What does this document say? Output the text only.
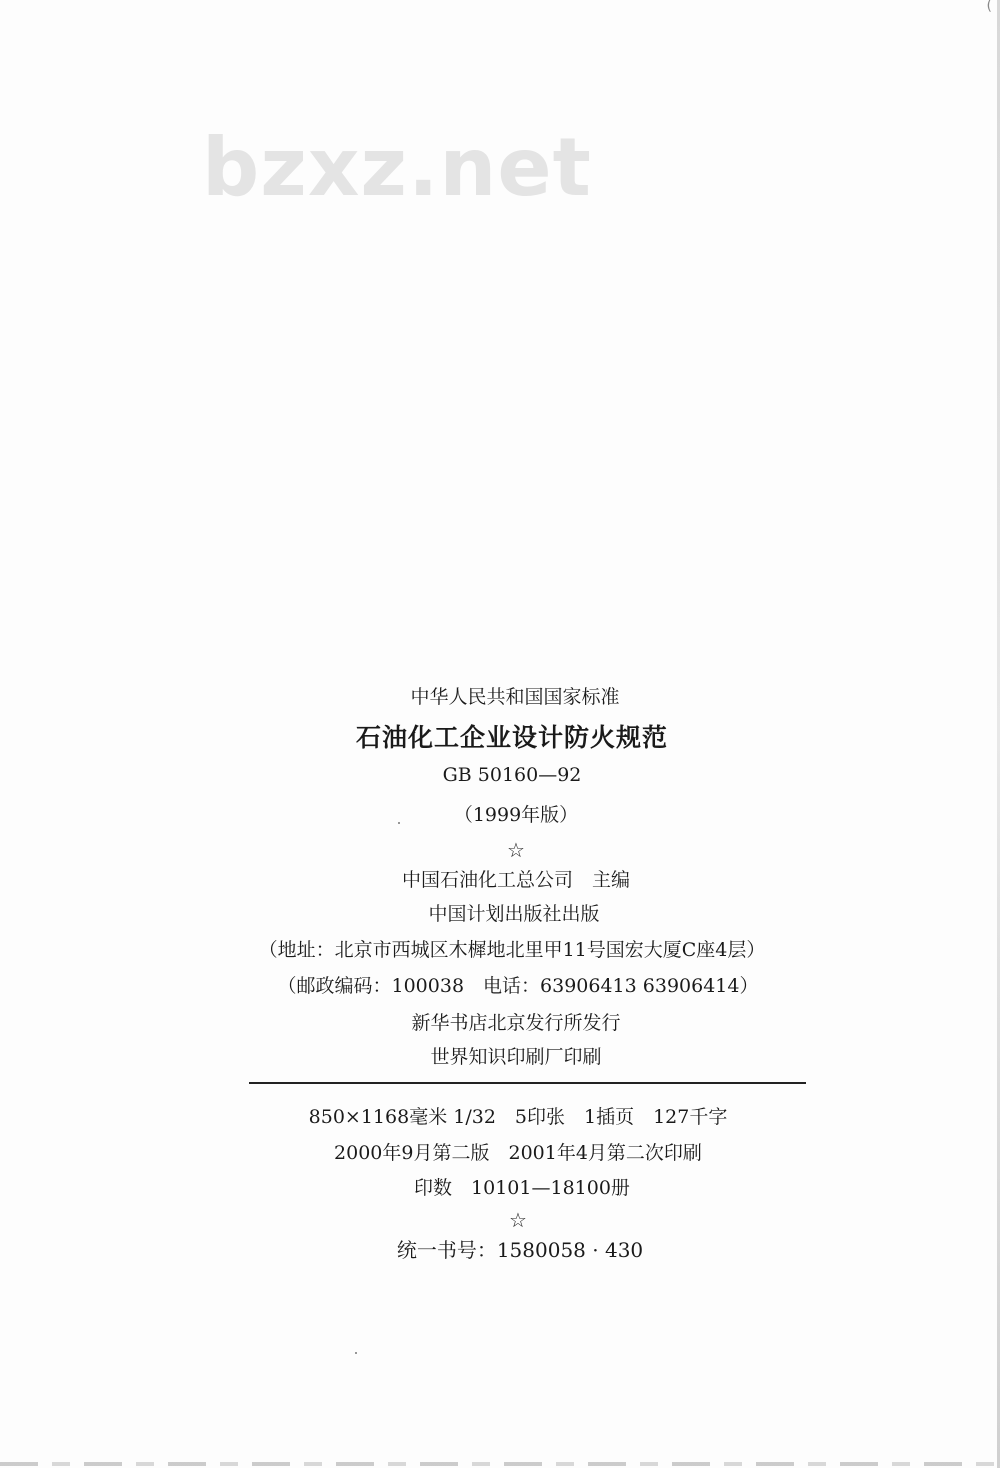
bzxz.net
(
中华人民共和国国家标准
石油化工企业设计防火规范
GB 50160—92
（1999年版）
☆
中国石油化工总公司　主编
中国计划出版社出版
（地址：北京市西城区木樨地北里甲11号国宏大厦C座4层）
（邮政编码：100038　电话：63906413 63906414）
新华书店北京发行所发行
世界知识印刷厂印刷
850×1168毫米 1/32　5印张　1插页　127千字
2000年9月第二版　2001年4月第二次印刷
印数　10101—18100册
☆
统一书号：1580058 · 430
